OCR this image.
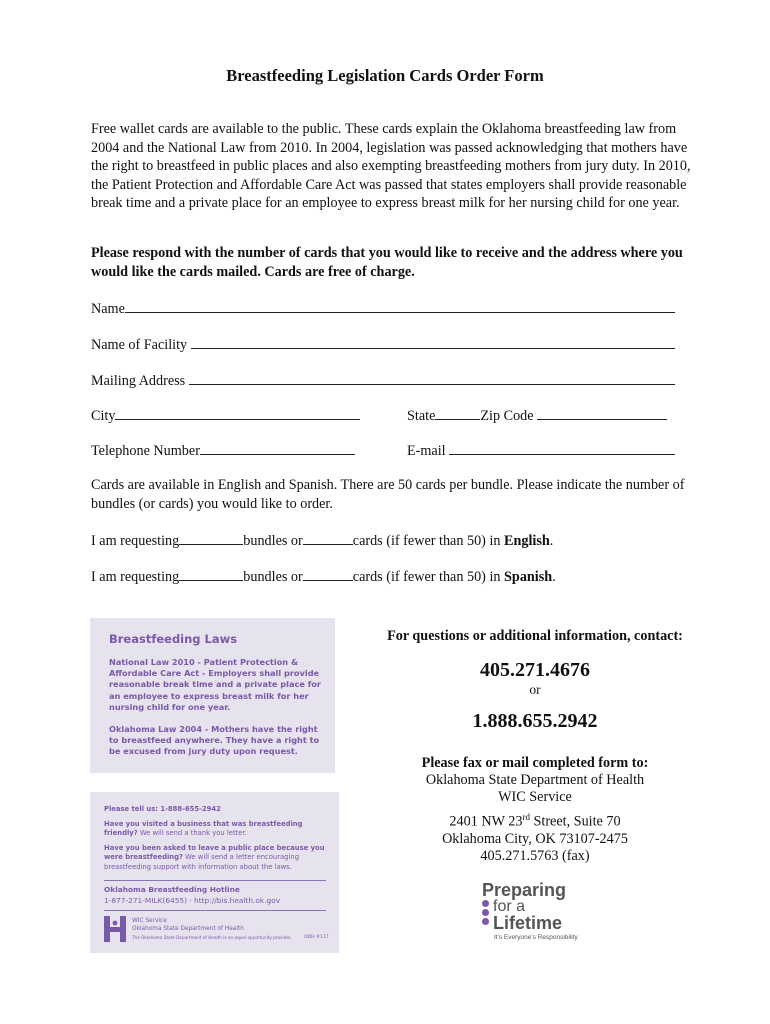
Breastfeeding Legislation Cards Order Form
Free wallet cards are available to the public. These cards explain the Oklahoma breastfeeding law from 2004 and the National Law from 2010. In 2004, legislation was passed acknowledging that mothers have the right to breastfeed in public places and also exempting breastfeeding mothers from jury duty. In 2010, the Patient Protection and Affordable Care Act was passed that states employers shall provide reasonable break time and a private place for an employee to express breast milk for her nursing child for one year.
Please respond with the number of cards that you would like to receive and the address where you would like the cards mailed. Cards are free of charge.
Name
Name of Facility
Mailing Address
City	State	Zip Code
Telephone Number	E-mail
Cards are available in English and Spanish. There are 50 cards per bundle. Please indicate the number of bundles (or cards) you would like to order.
I am requesting	bundles or	cards (if fewer than 50) in English.
I am requesting	bundles or	cards (if fewer than 50) in Spanish.
Breastfeeding Laws
National Law 2010 - Patient Protection & Affordable Care Act - Employers shall provide reasonable break time and a private place for an employee to express breast milk for her nursing child for one year.
Oklahoma Law 2004 - Mothers have the right to breastfeed anywhere. They have a right to be excused from jury duty upon request.
Please tell us: 1-888-655-2942
Have you visited a business that was breastfeeding friendly? We will send a thank you letter.
Have you been asked to leave a public place because you were breastfeeding? We will send a letter encouraging breastfeeding support with information about the laws.
Oklahoma Breastfeeding Hotline
1-877-271-MILK(6455) · http://bis.health.ok.gov
WIC Service
Oklahoma State Department of Health
The Oklahoma State Department of Health is an equal opportunity provider.	ODH #117
For questions or additional information, contact:
405.271.4676
or
1.888.655.2942
Please fax or mail completed form to:
Oklahoma State Department of Health
WIC Service
2401 NW 23rd Street, Suite 70
Oklahoma City, OK 73107-2475
405.271.5763 (fax)
Preparing
for a
Lifetime
It's Everyone's Responsibility
